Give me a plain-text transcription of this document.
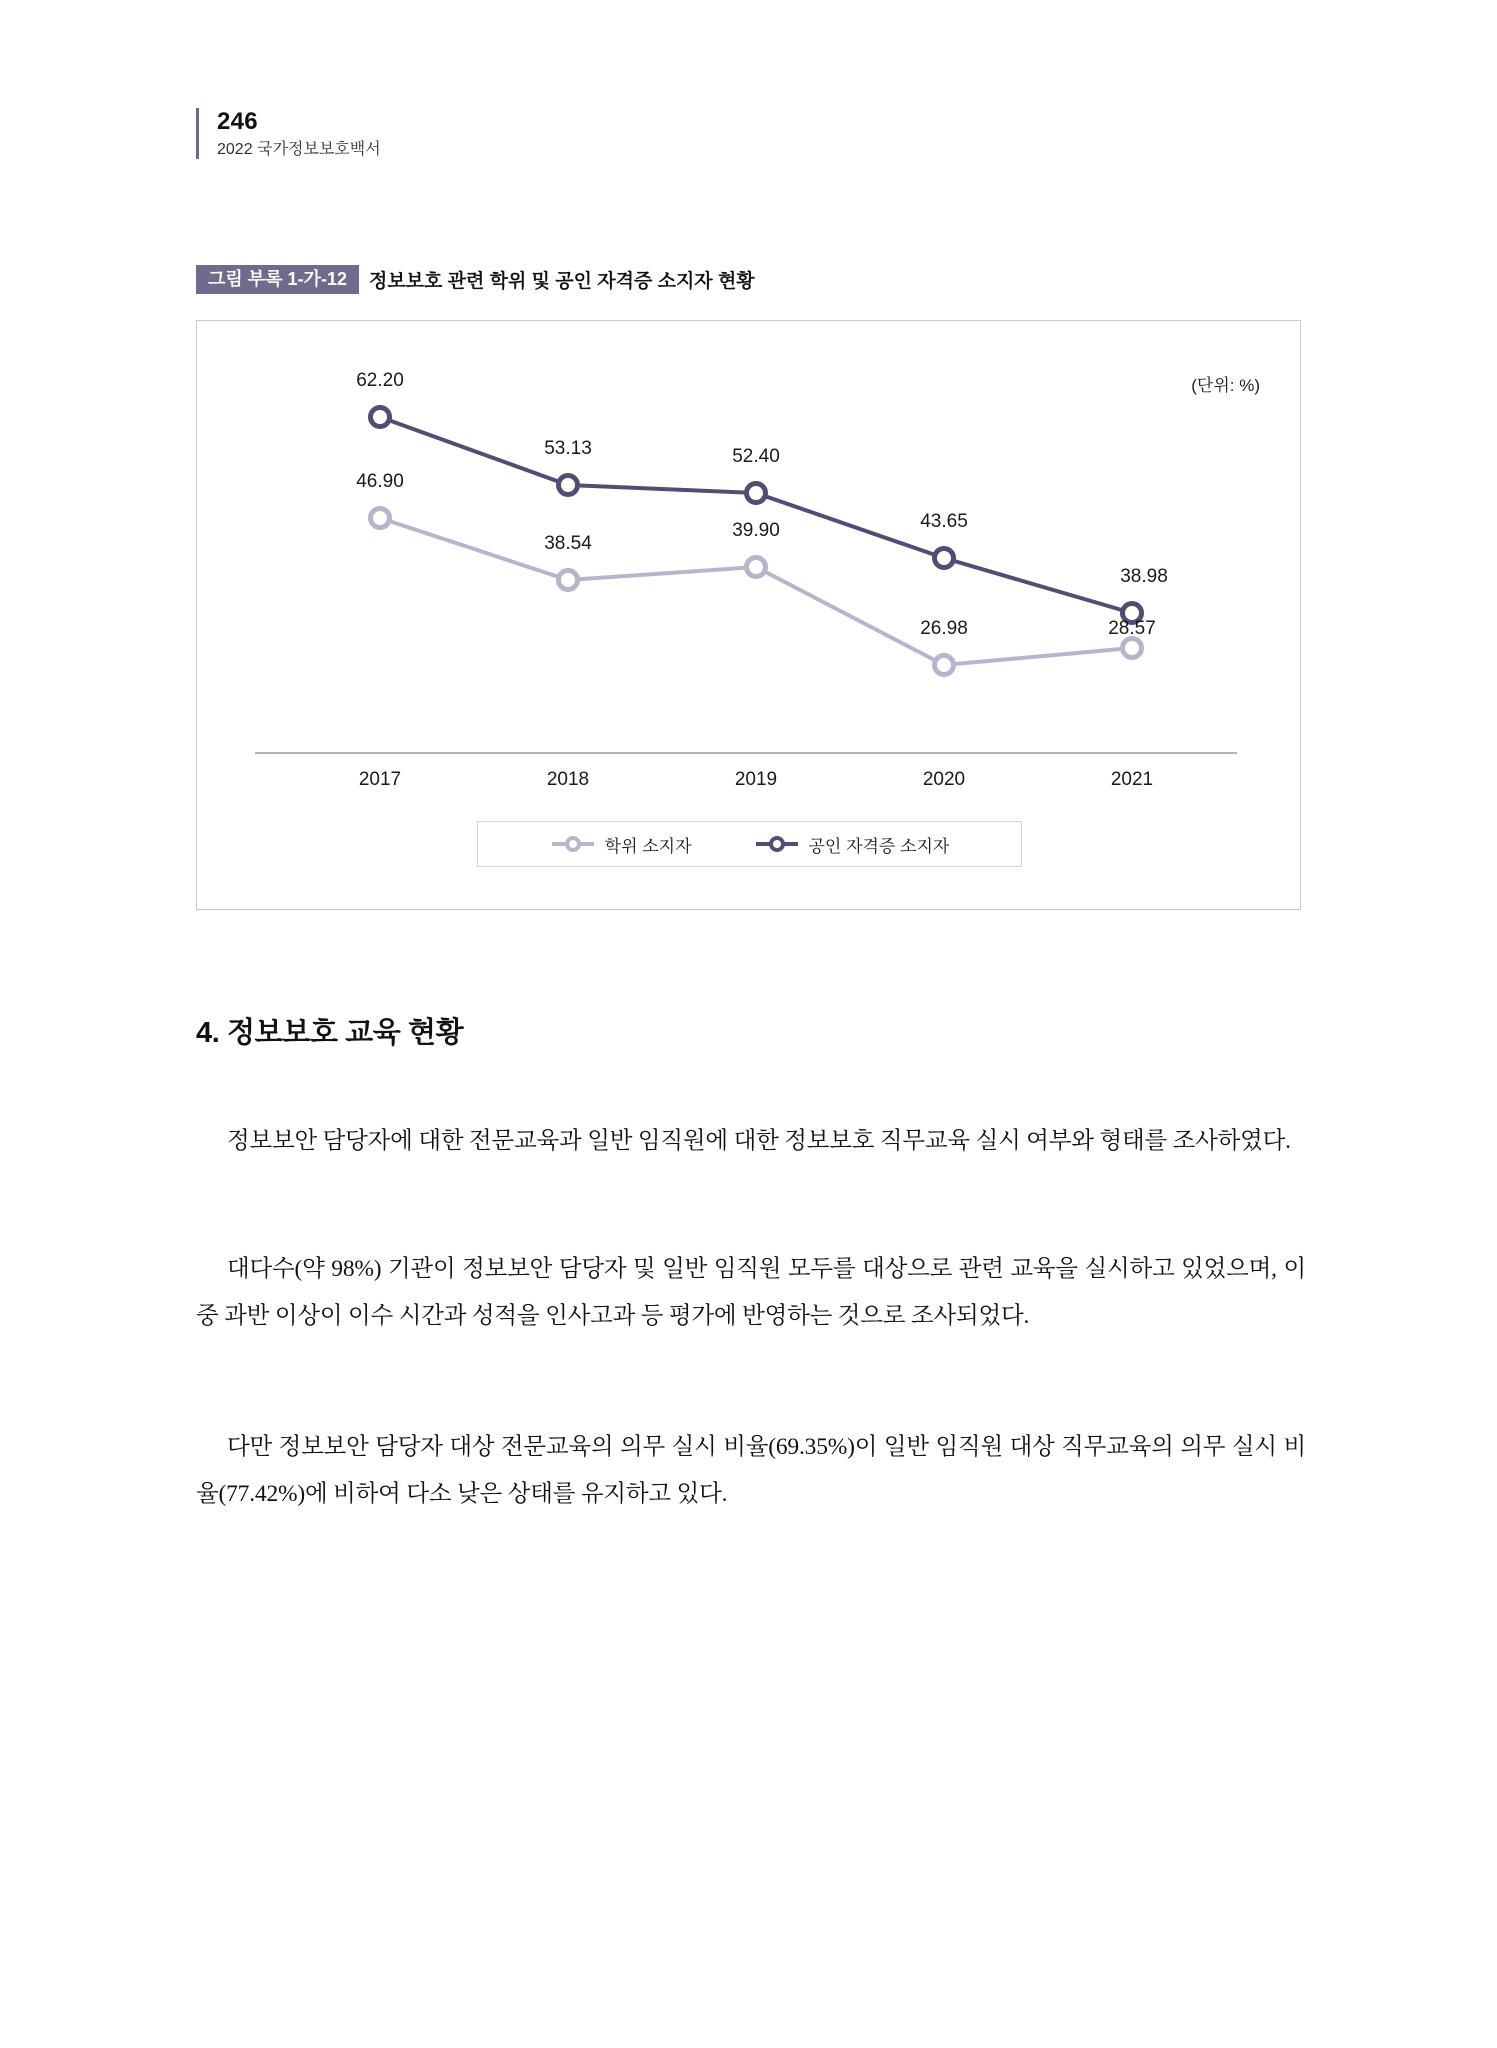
246
2022 국가정보보호백서
그림 부록 1-가-12	정보보호 관련 학위 및 공인 자격증 소지자 현황
(단위: %)
62.20
53.13	52.40
43.65
38.98
46.90
38.54
39.90
26.98	28.57
2017	2018	2019	2020	2021
학위 소지자	공인 자격증 소지자
4. 정보보호 교육 현황

정보보안 담당자에 대한 전문교육과 일반 임직원에 대한 정보보호 직무교육 실시 여부와 형태를 조사하였다.

대다수(약 98%) 기관이 정보보안 담당자 및 일반 임직원 모두를 대상으로 관련 교육을 실시하고 있었으며, 이 중 과반 이상이 이수 시간과 성적을 인사고과 등 평가에 반영하는 것으로 조사되었다.

다만 정보보안 담당자 대상 전문교육의 의무 실시 비율(69.35%)이 일반 임직원 대상 직무교육의 의무 실시 비율(77.42%)에 비하여 다소 낮은 상태를 유지하고 있다.
